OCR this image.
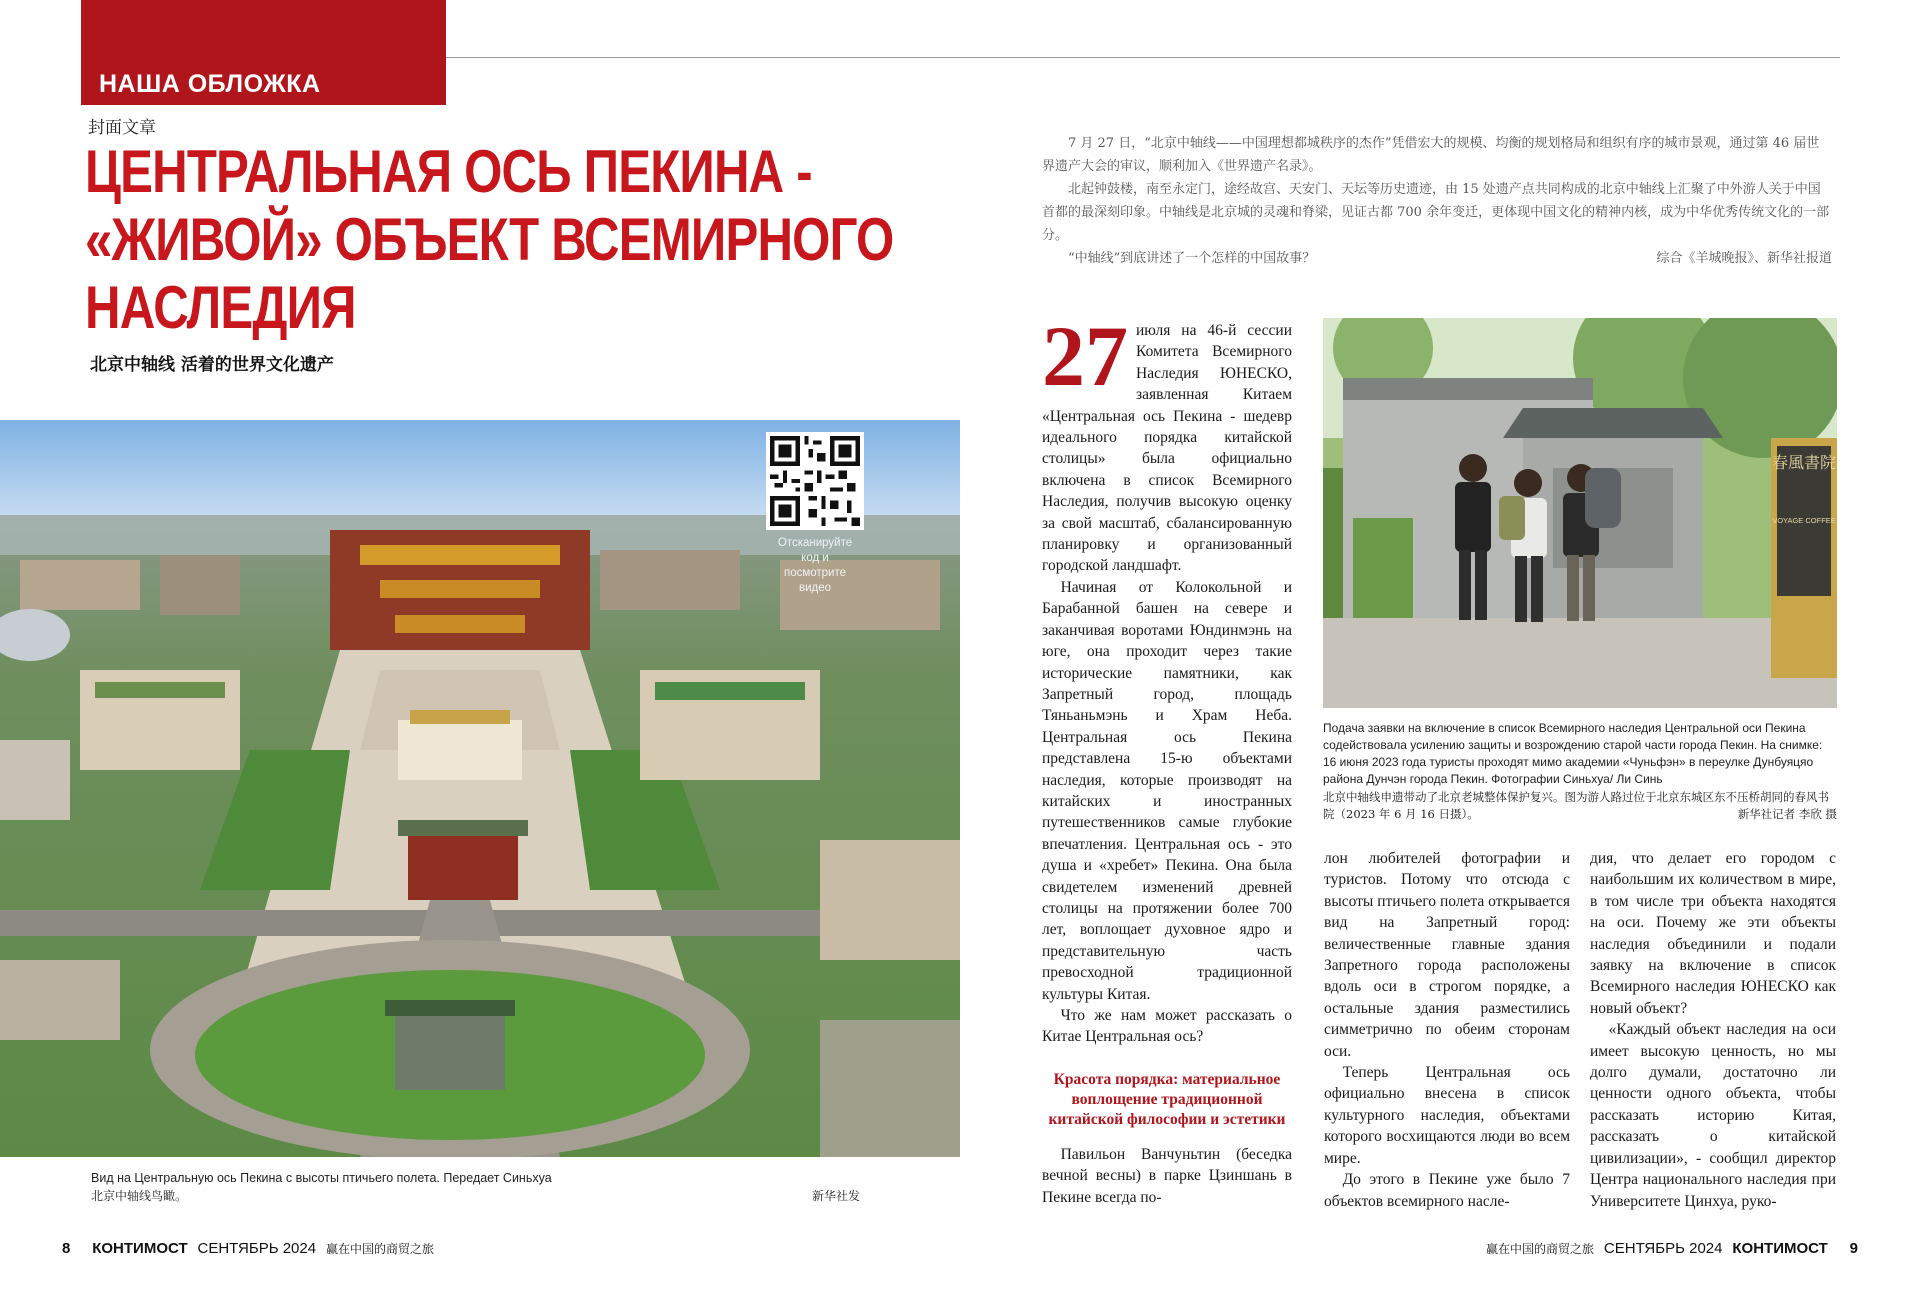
НАША ОБЛОЖКА
封面文章
ЦЕНТРАЛЬНАЯ ОСЬ ПЕКИНА -
«ЖИВОЙ» ОБЪЕКТ ВСЕМИРНОГО
НАСЛЕДИЯ
北京中轴线 活着的世界文化遗产
Отсканируйте код и посмотрите видео
Вид на Центральную ось Пекина с высоты птичьего полета. Передает Синьхуа
北京中轴线鸟瞰。	新华社发
8 КОНТИМОСТ СЕНТЯБРЬ 2024 赢在中国的商贸之旅

7 月 27 日，“北京中轴线——中国理想都城秩序的杰作”凭借宏大的规模、均衡的规划格局和组织有序的城市景观，通过第 46 届世界遗产大会的审议，顺利加入《世界遗产名录》。

北起钟鼓楼，南至永定门，途经故宫、天安门、天坛等历史遗迹，由 15 处遗产点共同构成的北京中轴线上汇聚了中外游人关于中国首都的最深刻印象。中轴线是北京城的灵魂和脊梁，见证古都 700 余年变迁，更体现中国文化的精神内核，成为中华优秀传统文化的一部分。

“中轴线”到底讲述了一个怎样的中国故事？	综合《羊城晚报》、新华社报道

27 июля на 46-й сессии Комитета Всемирного Наследия ЮНЕСКО, заявленная Китаем «Центральная ось Пекина - шедевр идеального порядка китайской столицы» была официально включена в список Всемирного Наследия, получив высокую оценку за свой масштаб, сбалансированную планировку и организованный городской ландшафт.

Начиная от Колокольной и Барабанной башен на севере и заканчивая воротами Юндинмэнь на юге, она проходит через такие исторические памятники, как Запретный город, площадь Тяньаньмэнь и Храм Неба. Центральная ось Пекина представлена 15-ю объектами наследия, которые производят на китайских и иностранных путешественников самые глубокие впечатления. Центральная ось - это душа и «хребет» Пекина. Она была свидетелем изменений древней столицы на протяжении более 700 лет, воплощает духовное ядро и представительную часть превосходной традиционной культуры Китая.

Что же нам может рассказать о Китае Центральная ось?

Красота порядка: материальное воплощение традиционной китайской философии и эстетики

Павильон Ванчуньтин (беседка вечной весны) в парке Цзиншань в Пекине всегда по-

春風書院
VOYAGE COFFEE
Подача заявки на включение в список Всемирного наследия Центральной оси Пекина содействовала усилению защиты и возрождению старой части города Пекин. На снимке: 16 июня 2023 года туристы проходят мимо академии «Чуньфэн» в переулке Дунбуяцяо района Дунчэн города Пекин. Фотографии Синьхуа/ Ли Синь
北京中轴线申遗带动了北京老城整体保护复兴。图为游人路过位于北京东城区东不压桥胡同的春风书院（2023 年 6 月 16 日摄）。	新华社记者 李欣 摄

лон любителей фотографии и туристов. Потому что отсюда с высоты птичьего полета открывается вид на Запретный город: величественные главные здания Запретного города расположены вдоль оси в строгом порядке, а остальные здания разместились симметрично по обеим сторонам оси.

Теперь Центральная ось официально внесена в список культурного наследия, объектами которого восхищаются люди во всем мире.

До этого в Пекине уже было 7 объектов всемирного насле-

дия, что делает его городом с наибольшим их количеством в мире, в том числе три объекта находятся на оси. Почему же эти объекты наследия объединили и подали заявку на включение в список Всемирного наследия ЮНЕСКО как новый объект?

«Каждый объект наследия на оси имеет высокую ценность, но мы долго думали, достаточно ли ценности одного объекта, чтобы рассказать историю Китая, рассказать о китайской цивилизации», - сообщил директор Центра национального наследия при Университете Цинхуа, руко-

赢在中国的商贸之旅 СЕНТЯБРЬ 2024 КОНТИМОСТ 9
